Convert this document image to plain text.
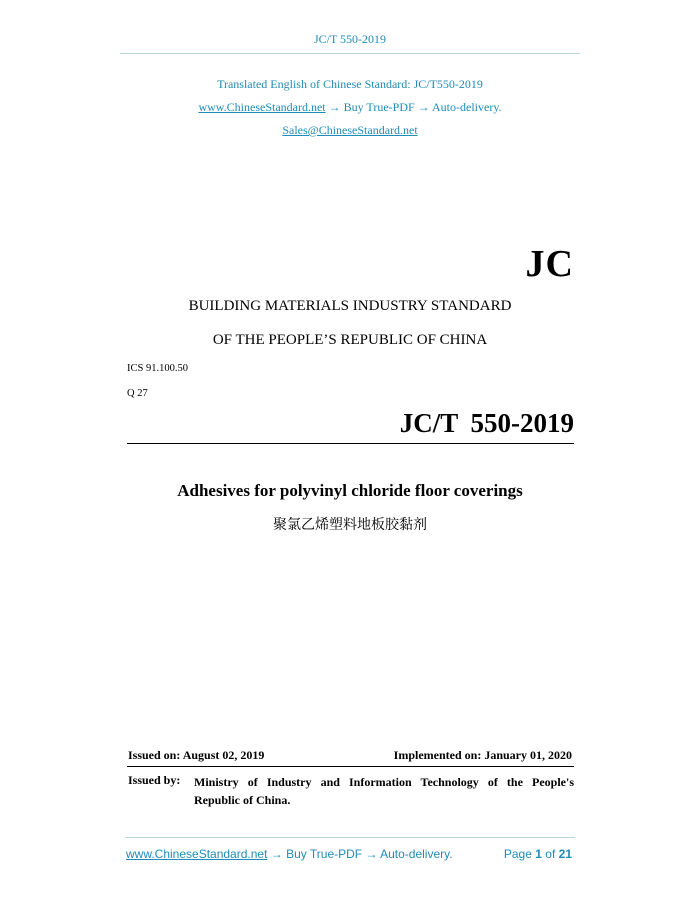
JC/T 550-2019
Translated English of Chinese Standard: JC/T550-2019
www.ChineseStandard.net → Buy True-PDF → Auto-delivery.
Sales@ChineseStandard.net
JC
BUILDING MATERIALS INDUSTRY STANDARD
OF THE PEOPLE’S REPUBLIC OF CHINA
ICS 91.100.50
Q 27
JC/T 550-2019
Adhesives for polyvinyl chloride floor coverings
聚氯乙烯塑料地板胶黏剂
Issued on: August 02, 2019	Implemented on: January 01, 2020
Issued by: Ministry of Industry and Information Technology of the People's Republic of China.
www.ChineseStandard.net → Buy True-PDF → Auto-delivery.	Page 1 of 21
